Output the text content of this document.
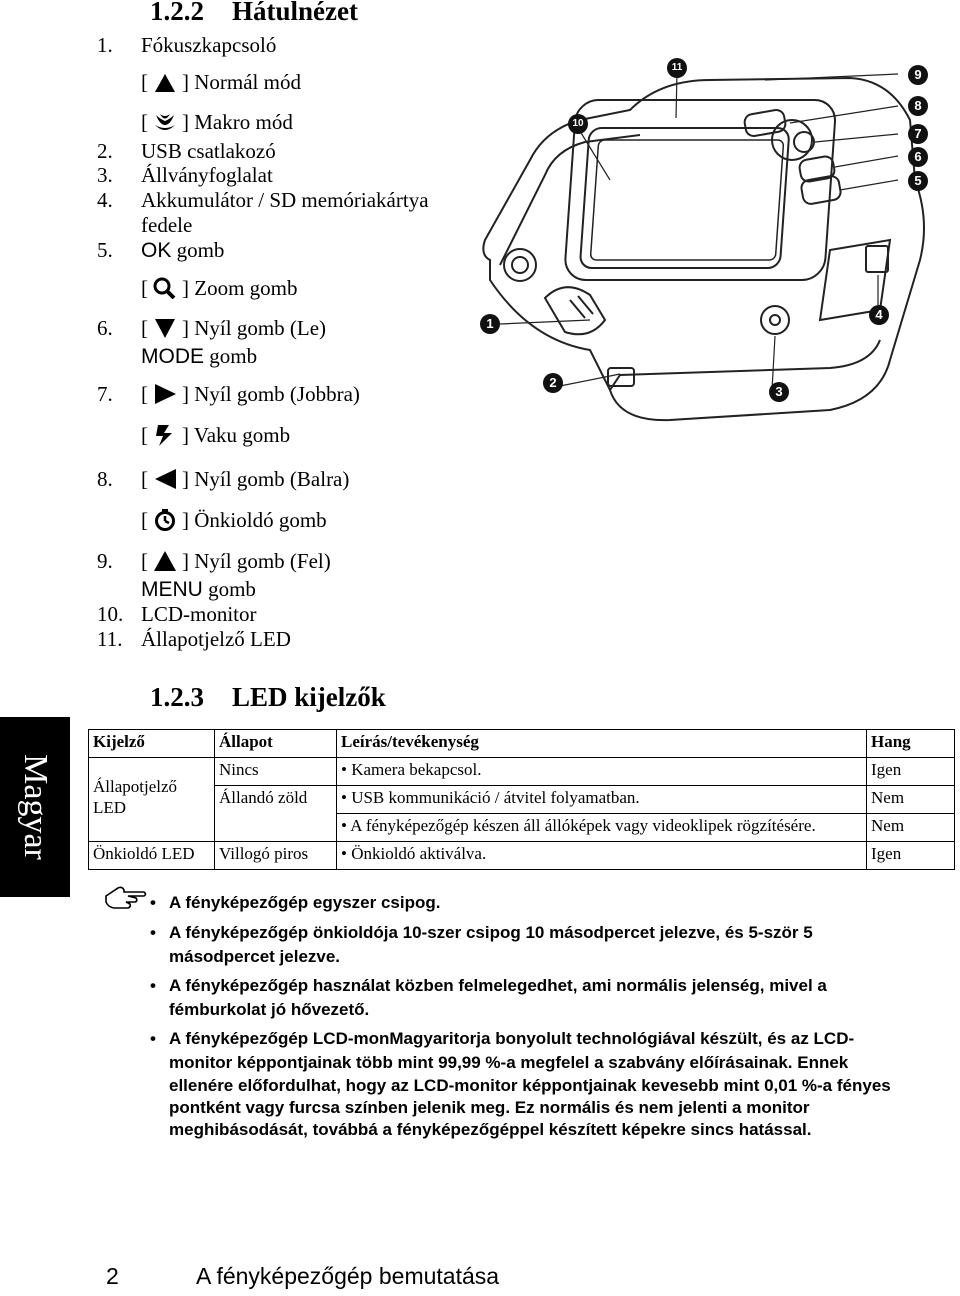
1.2.2 Hátulnézet
1. Fókuszkapcsoló
[ ] Normál mód
[ ] Makro mód
2. USB csatlakozó
3. Állványfoglalat
4. Akkumulátor / SD memóriakártya
fedele
5. OK gomb
[ ] Zoom gomb
6. [ ] Nyíl gomb (Le)
MODE gomb
7. [ ] Nyíl gomb (Jobbra)
[ ] Vaku gomb
8. [ ] Nyíl gomb (Balra)
[ ] Önkioldó gomb
9. [ ] Nyíl gomb (Fel)
MENU gomb
10. LCD-monitor
11. Állapotjelző LED
1
2
3
4
5
6
7
8
9
10
11
1.2.3 LED kijelzők
Magyar
Kijelző	Állapot	Leírás/tevékenység	Hang

Állapotjelző
LED	Nincs	• Kamera bekapcsol.	Igen
	Állandó zöld	• USB kommunikáció / átvitel folyamatban.	Nem
		• A fényképezőgép készen áll állóképek vagy videoklipek rögzítésére.	Nem
Önkioldó LED	Villogó piros	• Önkioldó aktiválva.	Igen
• A fényképezőgép egyszer csipog.
• A fényképezőgép önkioldója 10-szer csipog 10 másodpercet jelezve, és 5-ször 5
másodpercet jelezve.
• A fényképezőgép használat közben felmelegedhet, ami normális jelenség, mivel a
fémburkolat jó hővezető.
• A fényképezőgép LCD-monMagyaritorja bonyolult technológiával készült, és az LCD-
monitor képpontjainak több mint 99,99 %-a megfelel a szabvány előírásainak. Ennek
ellenére előfordulhat, hogy az LCD-monitor képpontjainak kevesebb mint 0,01 %-a fényes
pontként vagy furcsa színben jelenik meg. Ez normális és nem jelenti a monitor
meghibásodását, továbbá a fényképezőgéppel készített képekre sincs hatással.
2	A fényképezőgép bemutatása
